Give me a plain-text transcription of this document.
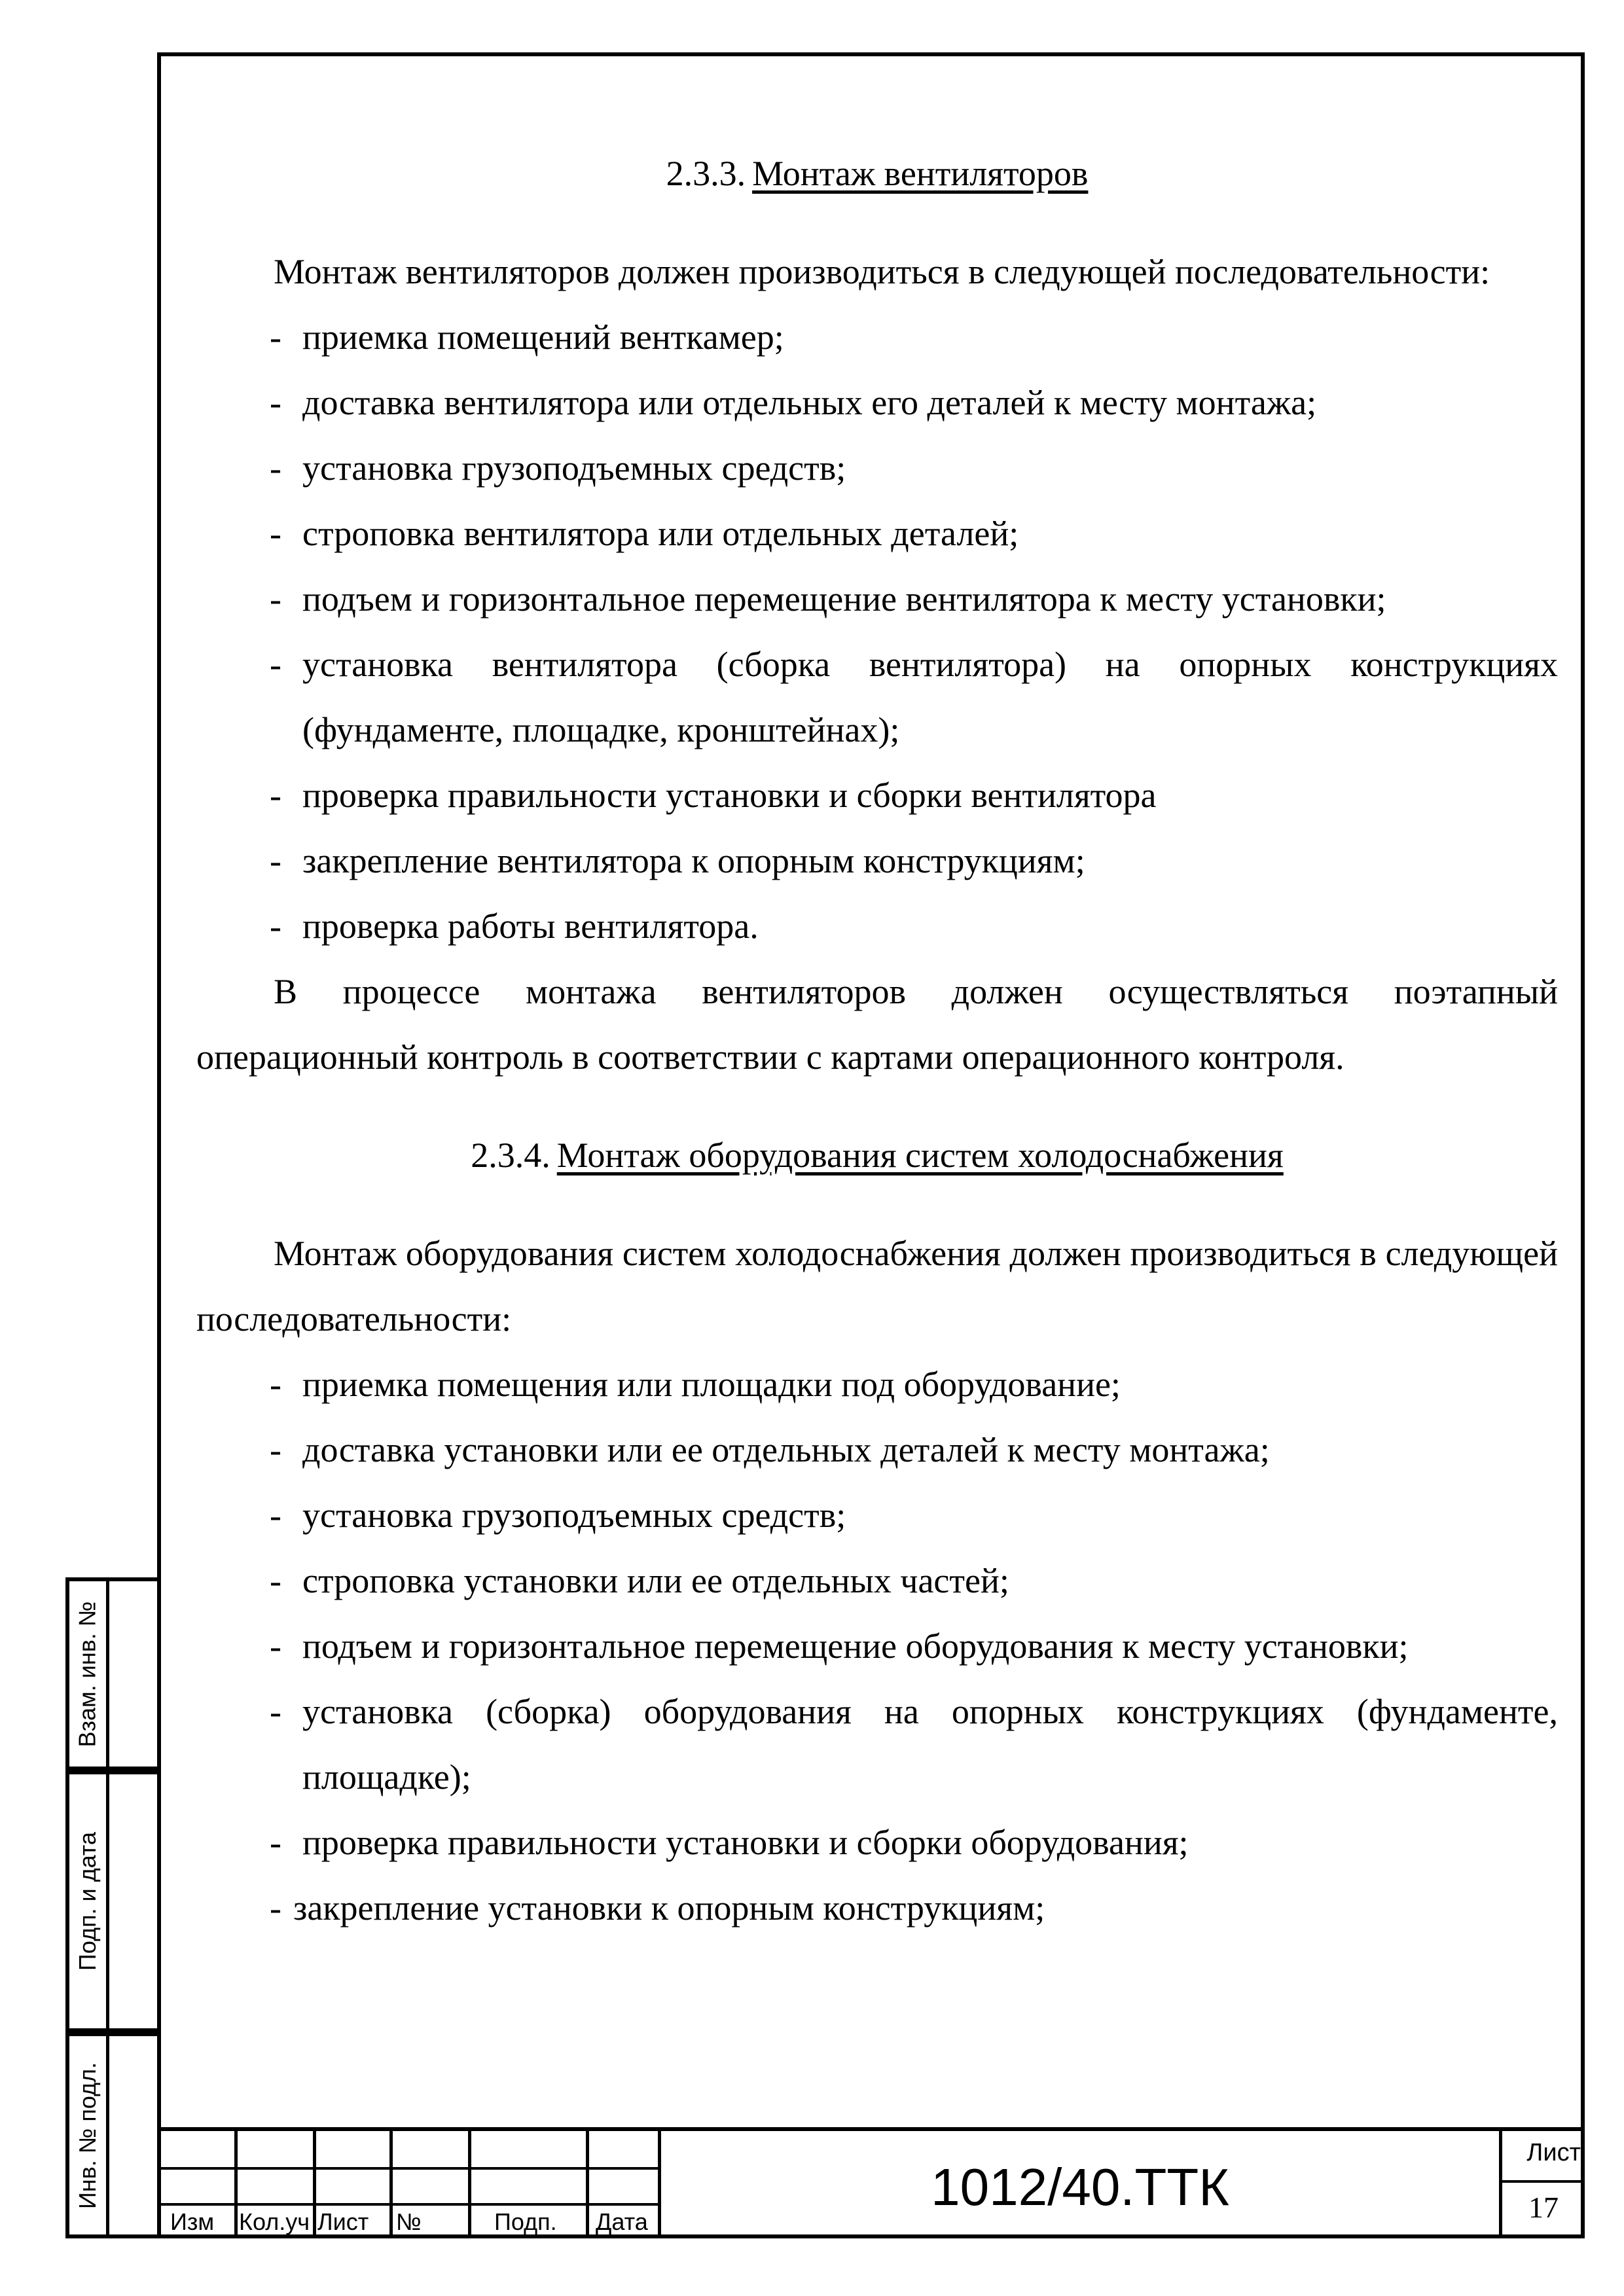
2.3.3. Монтаж вентиляторов
Монтаж вентиляторов должен производиться в следующей последовательности:
- приемка помещений венткамер;
- доставка вентилятора или отдельных его деталей к месту монтажа;
- установка грузоподъемных средств;
- строповка вентилятора или отдельных деталей;
- подъем и горизонтальное перемещение вентилятора к месту установки;
- установка вентилятора (сборка вентилятора) на опорных конструкциях (фундаменте, площадке, кронштейнах);
- проверка правильности установки и сборки вентилятора
- закрепление вентилятора к опорным конструкциям;
- проверка работы вентилятора.
В процессе монтажа вентиляторов должен осуществляться поэтапный операционный контроль в соответствии с картами операционного контроля.
2.3.4. Монтаж оборудования систем холодоснабжения
Монтаж оборудования систем холодоснабжения должен производиться в следующей последовательности:
- приемка помещения или площадки под оборудование;
- доставка установки или ее отдельных деталей к месту монтажа;
- установка грузоподъемных средств;
- строповка установки или ее отдельных частей;
- подъем и горизонтальное перемещение оборудования к месту установки;
- установка (сборка) оборудования на опорных конструкциях (фундаменте, площадке);
- проверка правильности установки и сборки оборудования;
- закрепление установки к опорным конструкциям;
Взам. инв. №
Подп. и дата
Инв. № подл.
Изм Кол.уч Лист №	Подп. Дата
1012/40.ТТК
Лист
17
